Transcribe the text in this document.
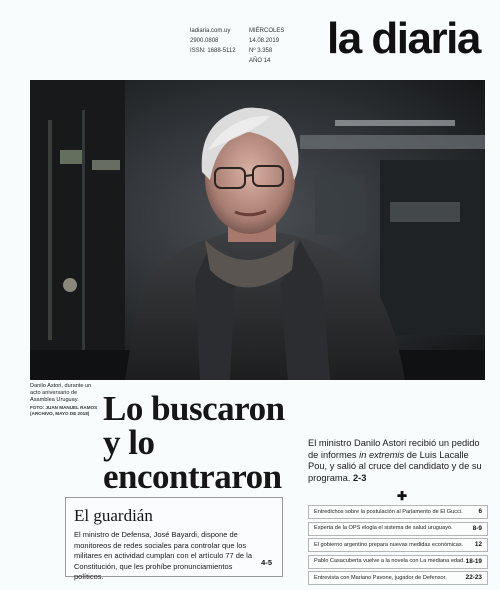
ladiaria.com.uy
2900.0808
ISSN: 1688-5112
MIÉRCOLES
14.08.2019
Nº 3.358
AÑO 14	la diaria
Danilo Astori, durante un acto aniversario de Asamblea Uruguay.
FOTO: JUAN MANUEL RAMOS (ARCHIVO, MAYO DE 2018) Lo buscaron y lo encontraron

El ministro Danilo Astori recibió un pedido de informes in extremis de Luis Lacalle Pou, y salió al cruce del candidato y de su programa. 2-3

El guardián
El ministro de Defensa, José Bayardi, dispone de monitoreos de redes sociales para controlar que los militares en actividad cumplan con el artículo 77 de la Constitución, que les prohíbe pronunciamientos políticos.
4-5
✚
Entredichos sobre la postulación al Parlamento de El Gucci. 6
Experta de la OPS elogia el sistema de salud uruguayo.	8-9
El gobierno argentino prepara nuevas medidas económicas. 12
Pablo Casacuberta vuelve a la novela con La mediana edad. 18-19
Entrevista con Mariano Pavone, jugador de Defensor.	22-23
